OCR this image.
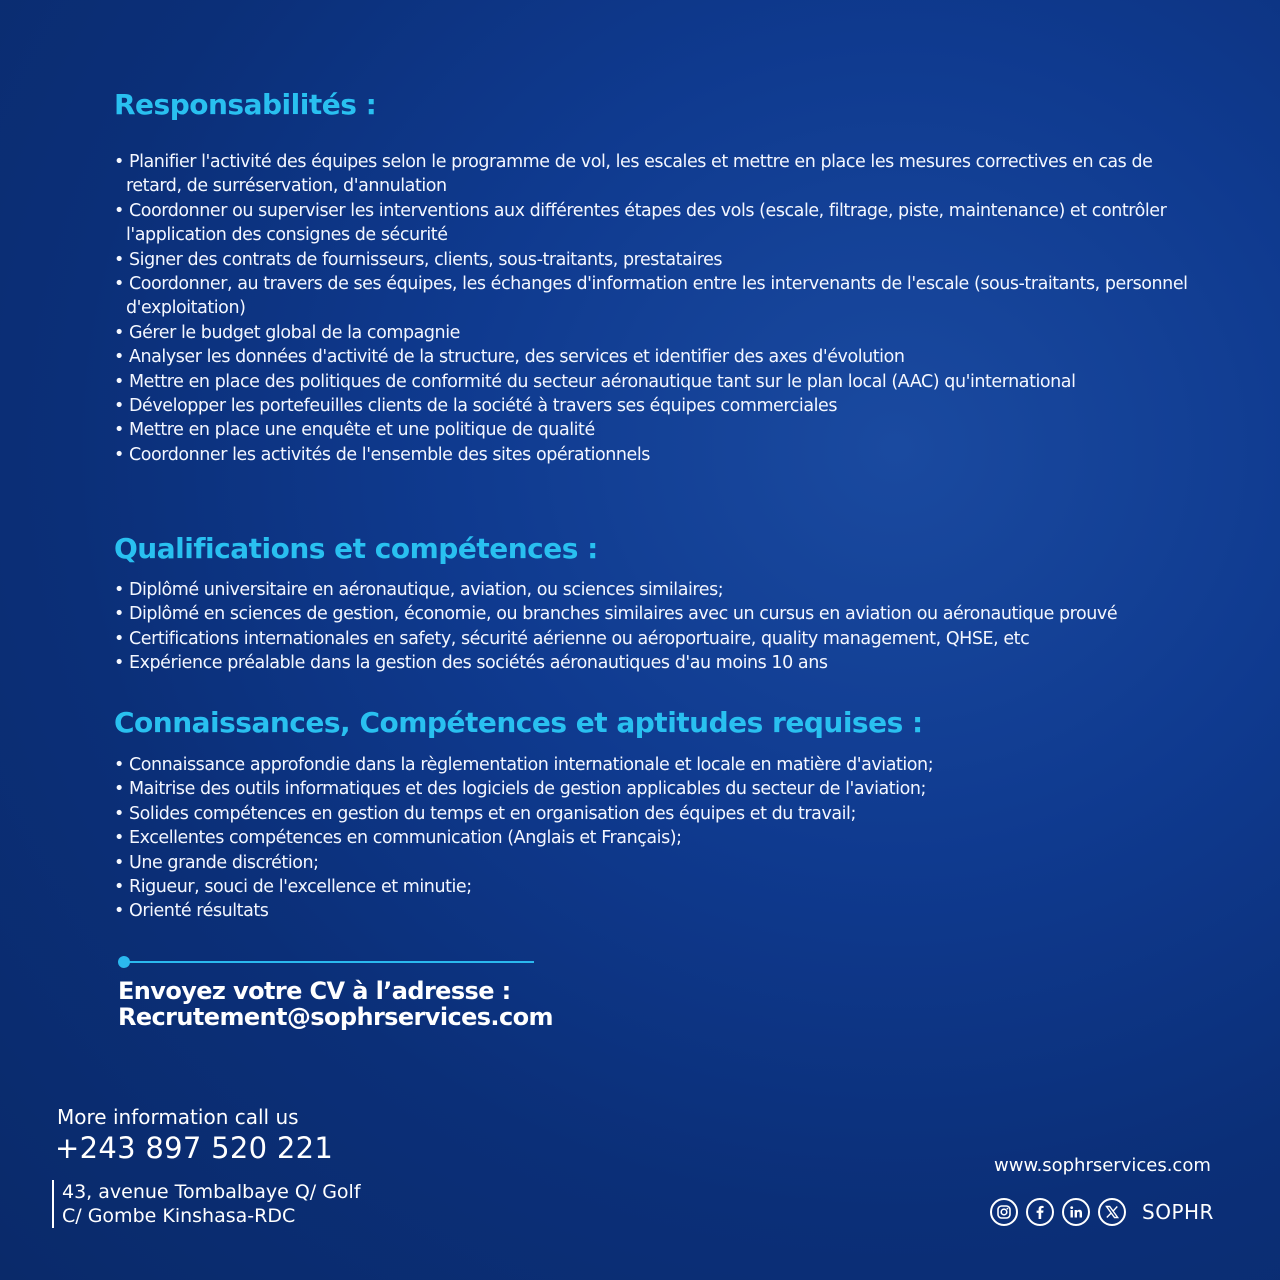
Responsabilités :
• Planifier l'activité des équipes selon le programme de vol, les escales et mettre en place les mesures correctives en cas de retard, de surréservation, d'annulation
• Coordonner ou superviser les interventions aux différentes étapes des vols (escale, filtrage, piste, maintenance) et contrôler l'application des consignes de sécurité
• Signer des contrats de fournisseurs, clients, sous-traitants, prestataires
• Coordonner, au travers de ses équipes, les échanges d'information entre les intervenants de l'escale (sous-traitants, personnel d'exploitation)
• Gérer le budget global de la compagnie
• Analyser les données d'activité de la structure, des services et identifier des axes d'évolution
• Mettre en place des politiques de conformité du secteur aéronautique tant sur le plan local (AAC) qu'international
• Développer les portefeuilles clients de la société à travers ses équipes commerciales
• Mettre en place une enquête et une politique de qualité
• Coordonner les activités de l'ensemble des sites opérationnels
Qualifications et compétences :
• Diplômé universitaire en aéronautique, aviation, ou sciences similaires;
• Diplômé en sciences de gestion, économie, ou branches similaires avec un cursus en aviation ou aéronautique prouvé
• Certifications internationales en safety, sécurité aérienne ou aéroportuaire, quality management, QHSE, etc
• Expérience préalable dans la gestion des sociétés aéronautiques d'au moins 10 ans
Connaissances, Compétences et aptitudes requises :
• Connaissance approfondie dans la règlementation internationale et locale en matière d'aviation;
• Maitrise des outils informatiques et des logiciels de gestion applicables du secteur de l'aviation;
• Solides compétences en gestion du temps et en organisation des équipes et du travail;
• Excellentes compétences en communication (Anglais et Français);
• Une grande discrétion;
• Rigueur, souci de l'excellence et minutie;
• Orienté résultats
Envoyez votre CV à l’adresse :
Recrutement@sophrservices.com
More information call us
+243 897 520 221
43, avenue Tombalbaye Q/ Golf
C/ Gombe Kinshasa-RDC
www.sophrservices.com
SOPHR
